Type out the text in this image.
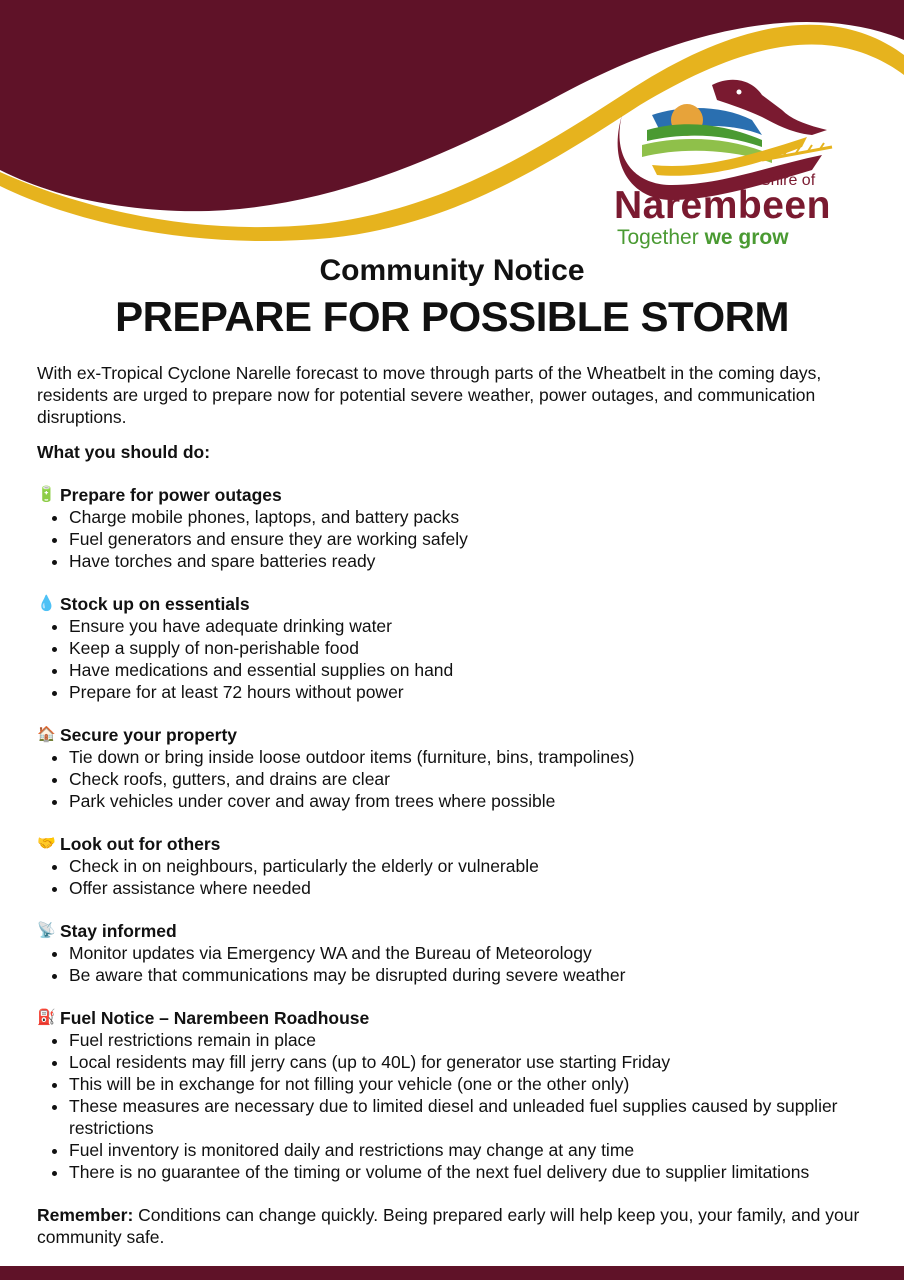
Shire of
Narembeen
Together we grow
Community Notice
PREPARE FOR POSSIBLE STORM

With ex-Tropical Cyclone Narelle forecast to move through parts of the Wheatbelt in the coming days, residents are urged to prepare now for potential severe weather, power outages, and communication disruptions.

What you should do:

🔋 Prepare for power outages
• Charge mobile phones, laptops, and battery packs
• Fuel generators and ensure they are working safely
• Have torches and spare batteries ready
💧 Stock up on essentials
• Ensure you have adequate drinking water
• Keep a supply of non-perishable food
• Have medications and essential supplies on hand
• Prepare for at least 72 hours without power
🏠 Secure your property
• Tie down or bring inside loose outdoor items (furniture, bins, trampolines)
• Check roofs, gutters, and drains are clear
• Park vehicles under cover and away from trees where possible
🤝 Look out for others
• Check in on neighbours, particularly the elderly or vulnerable
• Offer assistance where needed
📡 Stay informed
• Monitor updates via Emergency WA and the Bureau of Meteorology
• Be aware that communications may be disrupted during severe weather
⛽ Fuel Notice – Narembeen Roadhouse
• Fuel restrictions remain in place
• Local residents may fill jerry cans (up to 40L) for generator use starting Friday
• This will be in exchange for not filling your vehicle (one or the other only)
• These measures are necessary due to limited diesel and unleaded fuel supplies caused by supplier restrictions
• Fuel inventory is monitored daily and restrictions may change at any time
• There is no guarantee of the timing or volume of the next fuel delivery due to supplier limitations

Remember: Conditions can change quickly. Being prepared early will help keep you, your family, and your community safe.
